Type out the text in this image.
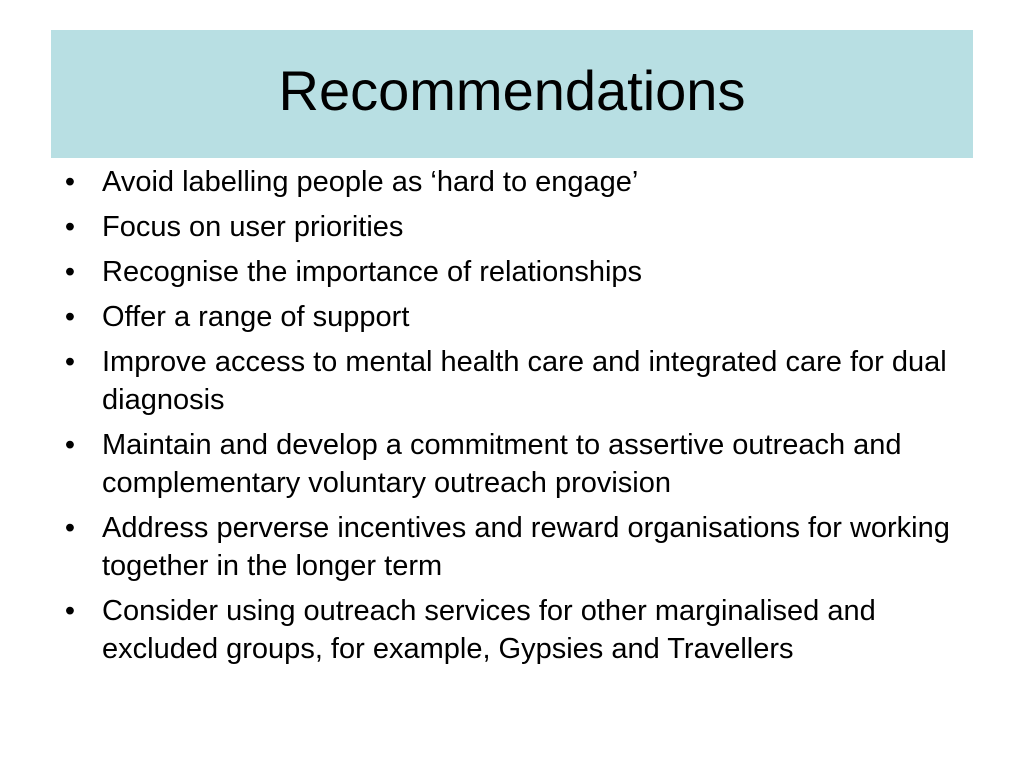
Recommendations
• Avoid labelling people as ‘hard to engage’
• Focus on user priorities
• Recognise the importance of relationships
• Offer a range of support
• Improve access to mental health care and integrated care for dual diagnosis
• Maintain and develop a commitment to assertive outreach and complementary voluntary outreach provision
• Address perverse incentives and reward organisations for working together in the longer term
• Consider using outreach services for other marginalised and excluded groups, for example, Gypsies and Travellers
